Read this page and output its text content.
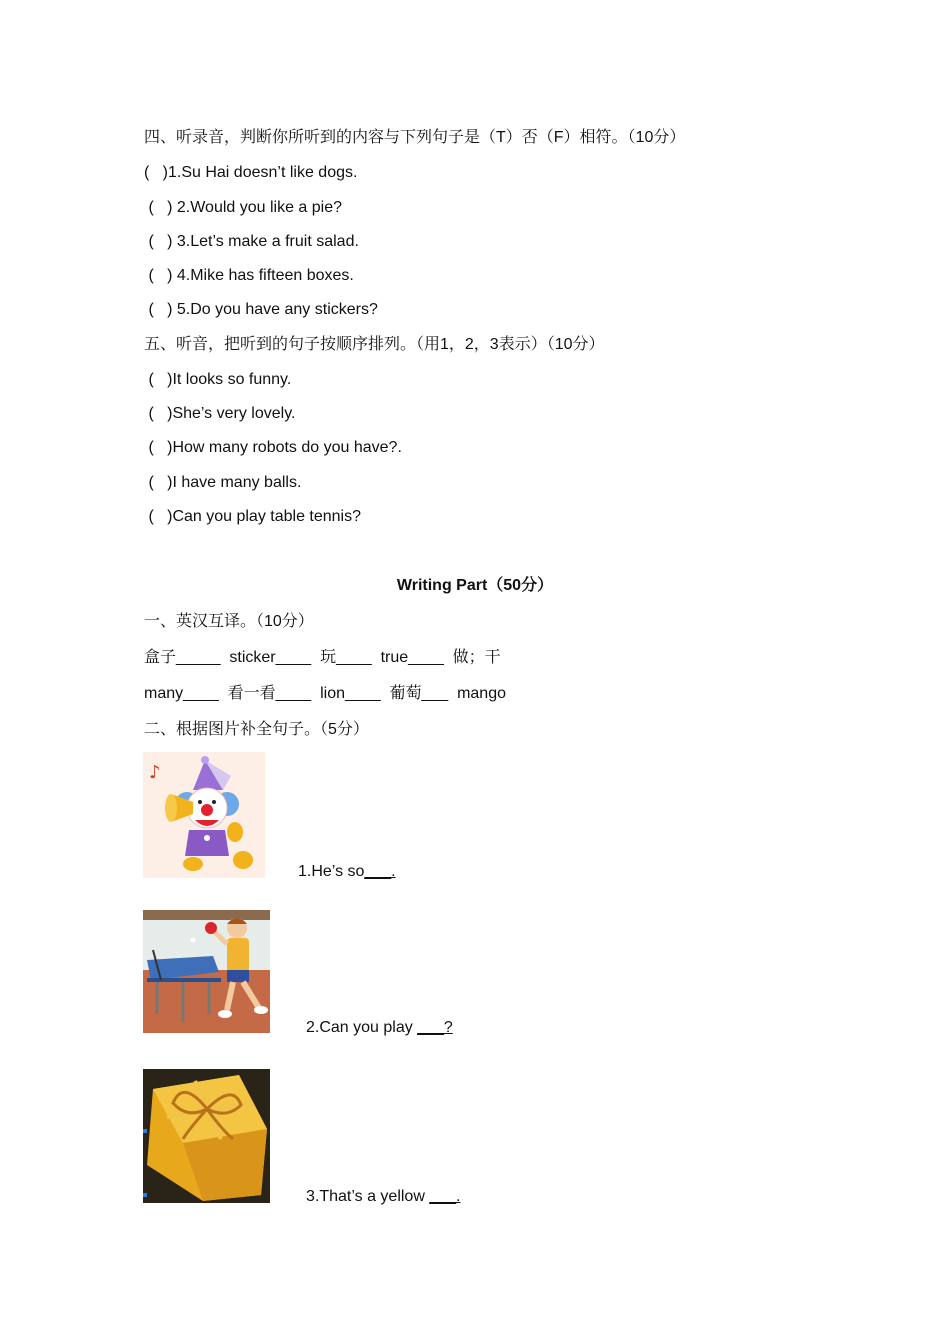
四、听录音，判断你所听到的内容与下列句子是（T）否（F）相符。（10分）
(   )1.Su Hai doesn’t like dogs.
(   ) 2.Would you like a pie?
(   ) 3.Let’s make a fruit salad.
(   ) 4.Mike has fifteen boxes.
(   ) 5.Do you have any stickers?
五、听音，把听到的句子按顺序排列。（用1，2，3表示）（10分）
(   )It looks so funny.
(   )She’s very lovely.
(   )How many robots do you have?.
(   )I have many balls.
(   )Can you play table tennis?
Writing Part（50分）
一、英汉互译。（10分）
盒子_____  sticker____  玩____  true____  做；干
many____  看一看____  lion____  葡萄___  mango
二、根据图片补全句子。（5分）
♪
1.He’s so___.
2.Can you play ___?
3.That’s a yellow ___.
